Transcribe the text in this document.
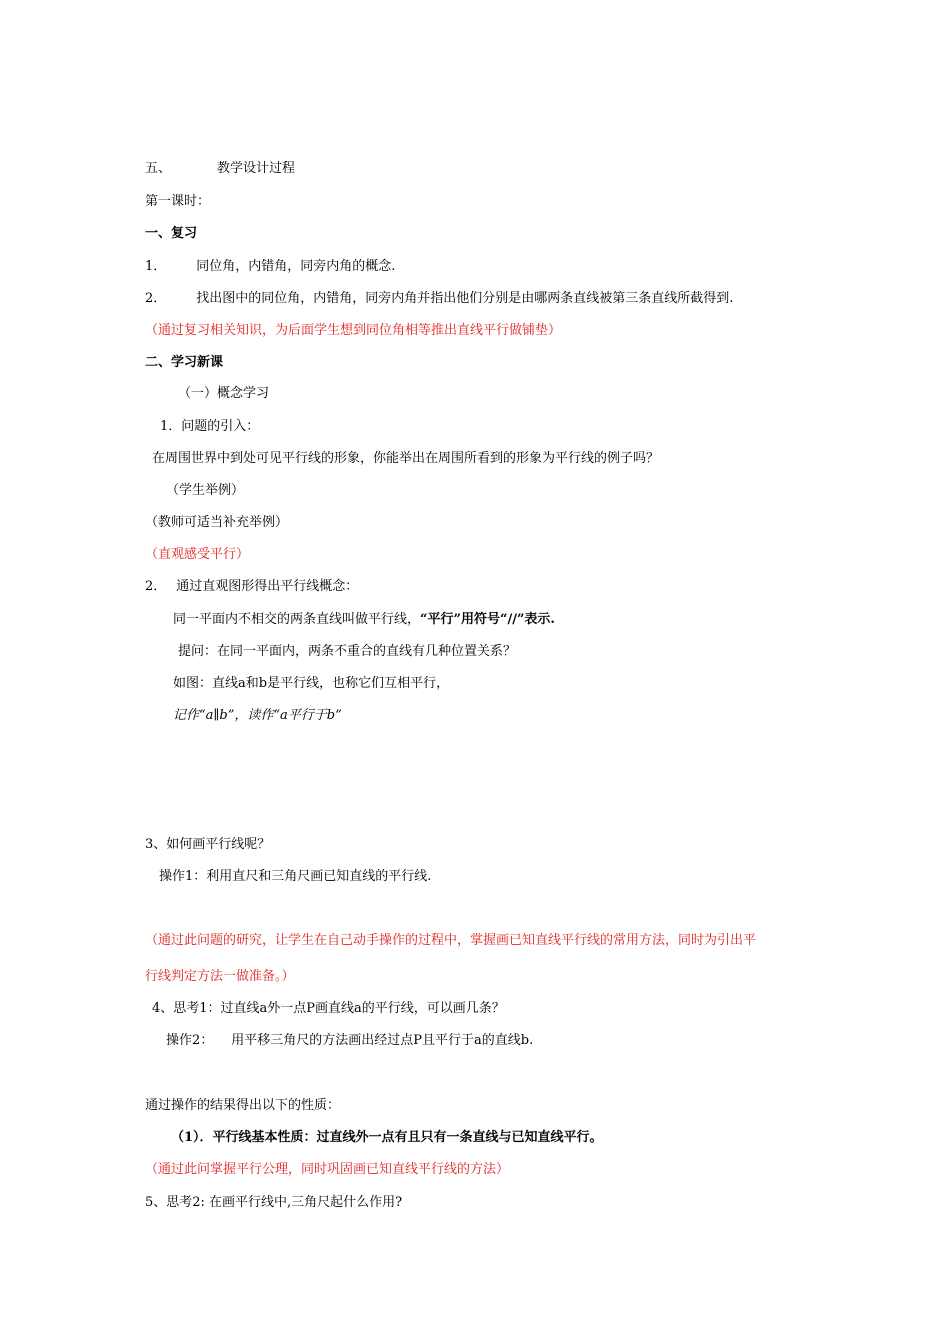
五、	教学设计过程
第一课时：
一、复习
1． 同位角，内错角，同旁内角的概念.
2． 找出图中的同位角，内错角，同旁内角并指出他们分别是由哪两条直线被第三条直线所截得到.
（通过复习相关知识，为后面学生想到同位角相等推出直线平行做铺垫）
二、学习新课
（一）概念学习
1．问题的引入：
在周围世界中到处可见平行线的形象，你能举出在周围所看到的形象为平行线的例子吗？
（学生举例）
（教师可适当补充举例）
（直观感受平行）
2． 通过直观图形得出平行线概念：
同一平面内不相交的两条直线叫做平行线，“平行”用符号“//”表示.
提问：在同一平面内，两条不重合的直线有几种位置关系？
如图：直线a和b是平行线，也称它们互相平行，
记作“a∥b”，读作“a平行于b”
3、如何画平行线呢？
操作1：利用直尺和三角尺画已知直线的平行线.
（通过此问题的研究，让学生在自己动手操作的过程中，掌握画已知直线平行线的常用方法，同时为引出平
行线判定方法一做准备。）
4、思考1：过直线a外一点P画直线a的平行线，可以画几条？
操作2： 用平移三角尺的方法画出经过点P且平行于a的直线b.
通过操作的结果得出以下的性质：
（1）．平行线基本性质：过直线外一点有且只有一条直线与已知直线平行。
（通过此问掌握平行公理，同时巩固画已知直线平行线的方法）
5、思考2: 在画平行线中,三角尺起什么作用?
